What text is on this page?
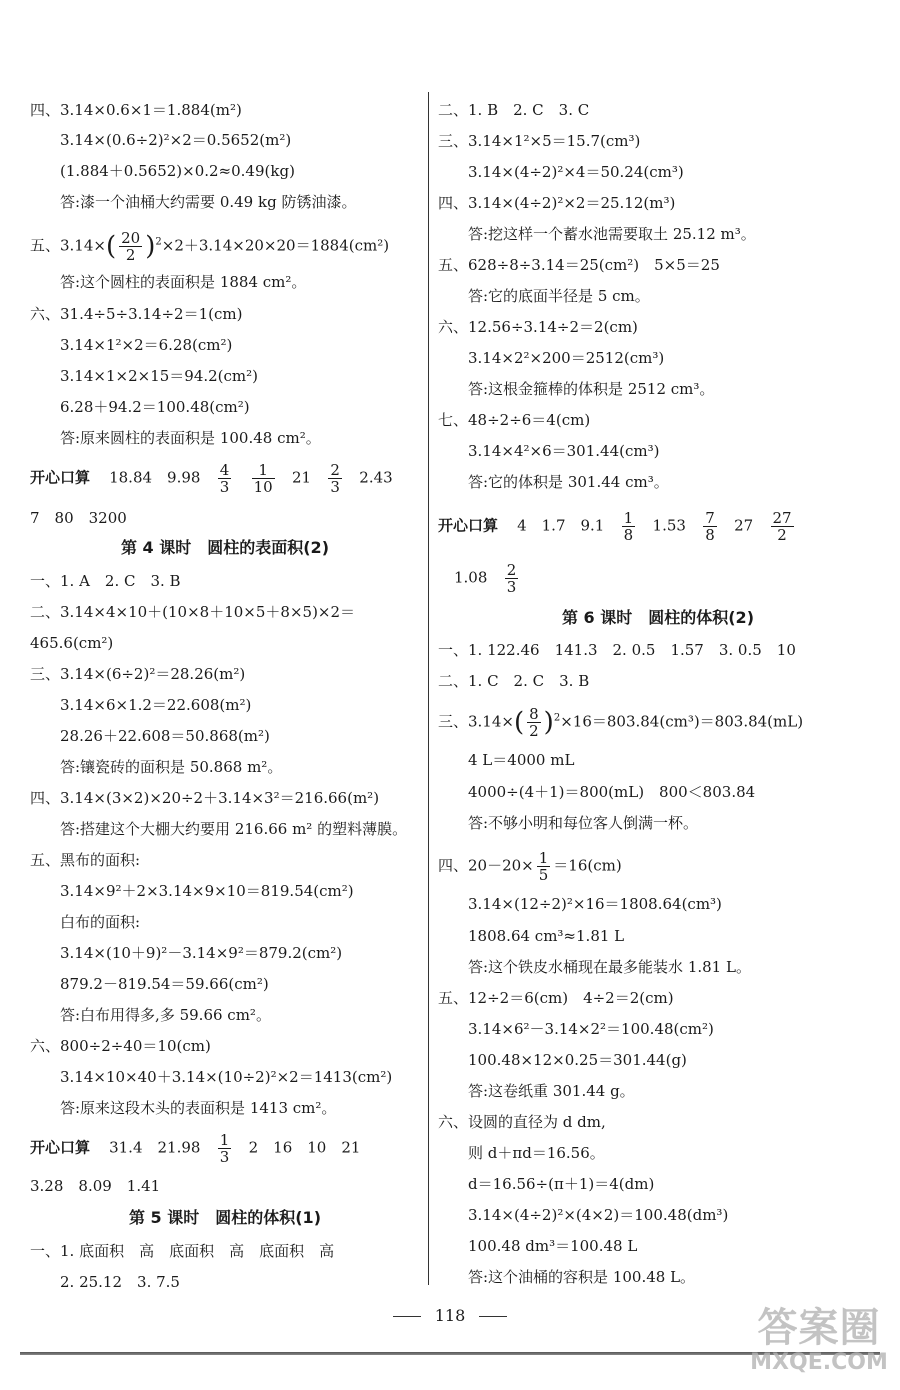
四、3.14×0.6×1＝1.884(m²)
3.14×(0.6÷2)²×2＝0.5652(m²)
(1.884＋0.5652)×0.2≈0.49(kg)
答:漆一个油桶大约需要 0.49 kg 防锈油漆。
五、$3.14\times( \frac{20}{2} )^2\times 2+3.14\times 20\times 20=1884(cm^2)$
答:这个圆柱的表面积是 1884 cm²。
六、31.4÷5÷3.14÷2＝1(cm)
3.14×1²×2＝6.28(cm²)
3.14×1×2×15＝94.2(cm²)
6.28＋94.2＝100.48(cm²)
答:原来圆柱的表面积是 100.48 cm²。
开心口算 18.84　$9.98 \frac{4}{3}$
$\frac{1}{10} 21 \frac{2}{3} 2.43$
7　80　3200
第 4 课时　圆柱的表面积(2)
一、1. A　2. C　3. B
二、3.14×4×10＋(10×8＋10×5＋8×5)×2＝
465.6(cm²)
三、3.14×(6÷2)²＝28.26(m²)
3.14×6×1.2＝22.608(m²)
28.26＋22.608＝50.868(m²)
答:镶瓷砖的面积是 50.868 m²。
四、3.14×(3×2)×20÷2＋3.14×3²＝216.66(m²)
答:搭建这个大棚大约要用 216.66 m² 的塑料薄膜。
五、黑布的面积:
3.14×9²＋2×3.14×9×10＝819.54(cm²)
白布的面积:
3.14×(10＋9)²－3.14×9²＝879.2(cm²)
879.2－819.54＝59.66(cm²)
答:白布用得多,多 59.66 cm²。
六、800÷2÷40＝10(cm)
3.14×10×40＋3.14×(10÷2)²×2＝1413(cm²)
答:原来这段木头的表面积是 1413 cm²。
开心口算 31.4　$21.98 \frac{1}{3} 2$　16　10　21
3.28　8.09　1.41
第 5 课时　圆柱的体积(1)
一、1. 底面积　高　底面积　高　底面积　高
2. 25.12　3. 7.5
二、1. B　2. C　3. C
三、3.14×1²×5＝15.7(cm³)
3.14×(4÷2)²×4＝50.24(cm³)
四、3.14×(4÷2)²×2＝25.12(m³)
答:挖这样一个蓄水池需要取土 25.12 m³。
五、628÷8÷3.14＝25(cm²)　5×5＝25
答:它的底面半径是 5 cm。
六、12.56÷3.14÷2＝2(cm)
3.14×2²×200＝2512(cm³)
答:这根金箍棒的体积是 2512 cm³。
七、48÷2÷6＝4(cm)
3.14×4²×6＝301.44(cm³)
答:它的体积是 301.44 cm³。
开心口算 4　1.7　$9.1 \frac{1}{8} 1.53 \frac{7}{8} 27 \frac{27}{2}$
$1.08 \frac{2}{3}$
第 6 课时　圆柱的体积(2)
一、1. 122.46　141.3　2. 0.5　1.57　3. 0.5　10
二、1. C　2. C　3. B
三、$3.14\times( \frac{8}{2} )^2\times 16=803.84(cm^3)=803.84(mL)$
4 L＝4000 mL
4000÷(4＋1)＝800(mL)　800＜803.84
答:不够小明和每位客人倒满一杯。
四、$20-20\times \frac{1}{5} =16(cm)$
3.14×(12÷2)²×16＝1808.64(cm³)
1808.64 cm³≈1.81 L
答:这个铁皮水桶现在最多能装水 1.81 L。
五、12÷2＝6(cm)　4÷2＝2(cm)
3.14×6²－3.14×2²＝100.48(cm²)
100.48×12×0.25＝301.44(g)
答:这卷纸重 301.44 g。
六、设圆的直径为 d dm,
则 d＋πd＝16.56。
d＝16.56÷(π＋1)＝4(dm)
3.14×(4÷2)²×(4×2)＝100.48(dm³)
100.48 dm³＝100.48 L
答:这个油桶的容积是 100.48 L。
118	答案圈
MXQE.COM
